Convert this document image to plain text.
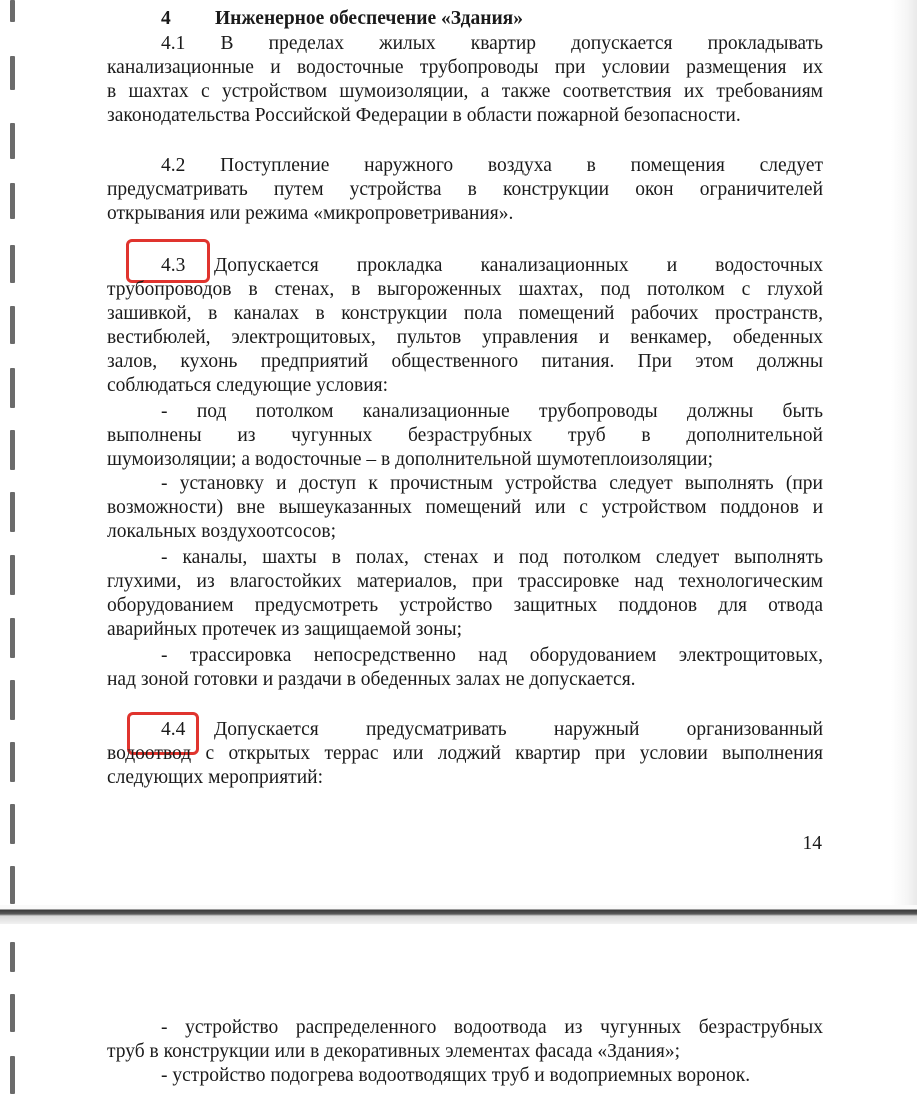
4 Инженерное обеспечение «Здания»
4.1 В пределах жилых квартир допускается прокладывать
канализационные и водосточные трубопроводы при условии размещения их
в шахтах с устройством шумоизоляции, а также соответствия их требованиям
законодательства Российской Федерации в области пожарной безопасности.
4.2 Поступление наружного воздуха в помещения следует
предусматривать путем устройства в конструкции окон ограничителей
открывания или режима «микропроветривания».
4.3	Допускается прокладка канализационных и водосточных
трубопроводов в стенах, в выгороженных шахтах, под потолком с глухой
зашивкой, в каналах в конструкции пола помещений рабочих пространств,
вестибюлей, электрощитовых, пультов управления и венкамер, обеденных
залов, кухонь предприятий общественного питания. При этом должны
соблюдаться следующие условия:
- под потолком канализационные трубопроводы должны быть
выполнены из чугунных безраструбных труб в дополнительной
шумоизоляции; а водосточные – в дополнительной шумотеплоизоляции;
- установку и доступ к прочистным устройства следует выполнять (при
возможности) вне вышеуказанных помещений или с устройством поддонов и
локальных воздухоотсосов;
- каналы, шахты в полах, стенах и под потолком следует выполнять
глухими, из влагостойких материалов, при трассировке над технологическим
оборудованием предусмотреть устройство защитных поддонов для отвода
аварийных протечек из защищаемой зоны;
- трассировка непосредственно над оборудованием электрощитовых,
над зоной готовки и раздачи в обеденных залах не допускается.
4.4	Допускается предусматривать наружный организованный
водоотвод с открытых террас или лоджий квартир при условии выполнения
следующих мероприятий:
14
- устройство распределенного водоотвода из чугунных безраструбных
труб в конструкции или в декоративных элементах фасада «Здания»;
- устройство подогрева водоотводящих труб и водоприемных воронок.
